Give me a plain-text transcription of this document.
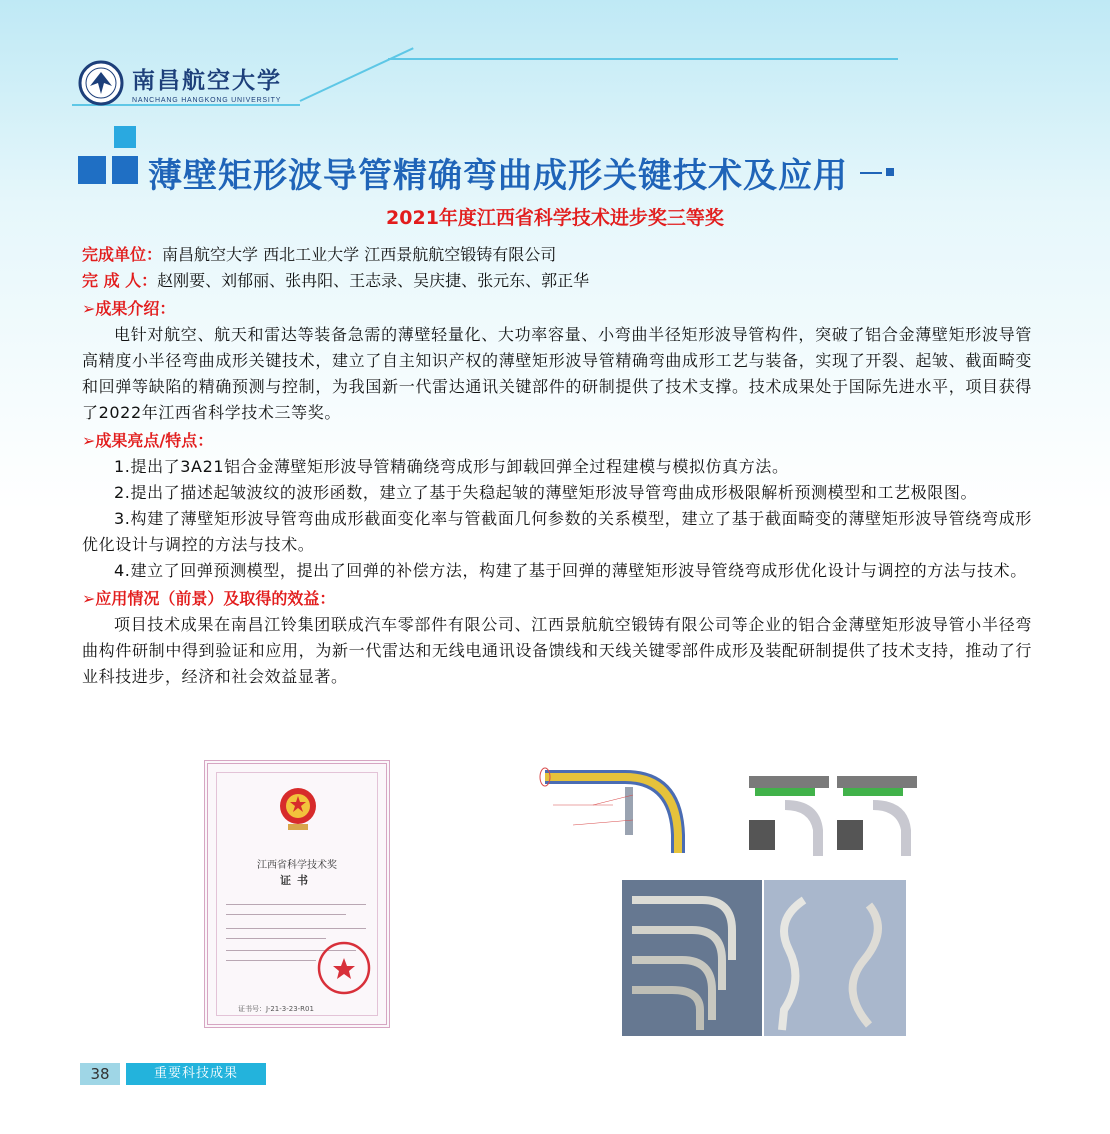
南昌航空大学
NANCHANG HANGKONG UNIVERSITY
薄壁矩形波导管精确弯曲成形关键技术及应用
2021年度江西省科学技术进步奖三等奖
完成单位：南昌航空大学 西北工业大学 江西景航航空锻铸有限公司
完 成 人：赵刚要、刘郁丽、张冉阳、王志录、吴庆捷、张元东、郭正华
➢成果介绍：
电针对航空、航天和雷达等装备急需的薄壁轻量化、大功率容量、小弯曲半径矩形波导管构件，突破了铝合金薄壁矩形波导管高精度小半径弯曲成形关键技术，建立了自主知识产权的薄壁矩形波导管精确弯曲成形工艺与装备，实现了开裂、起皱、截面畸变和回弹等缺陷的精确预测与控制，为我国新一代雷达通讯关键部件的研制提供了技术支撑。技术成果处于国际先进水平，项目获得了2022年江西省科学技术三等奖。
➢成果亮点/特点：
1.提出了3A21铝合金薄壁矩形波导管精确绕弯成形与卸载回弹全过程建模与模拟仿真方法。
2.提出了描述起皱波纹的波形函数，建立了基于失稳起皱的薄壁矩形波导管弯曲成形极限解析预测模型和工艺极限图。
3.构建了薄壁矩形波导管弯曲成形截面变化率与管截面几何参数的关系模型，建立了基于截面畸变的薄壁矩形波导管绕弯成形优化设计与调控的方法与技术。
4.建立了回弹预测模型，提出了回弹的补偿方法，构建了基于回弹的薄壁矩形波导管绕弯成形优化设计与调控的方法与技术。
➢应用情况（前景）及取得的效益：
项目技术成果在南昌江铃集团联成汽车零部件有限公司、江西景航航空锻铸有限公司等企业的铝合金薄壁矩形波导管小半径弯曲构件研制中得到验证和应用，为新一代雷达和无线电通讯设备馈线和天线关键零部件成形及装配研制提供了技术支持，推动了行业科技进步，经济和社会效益显著。
江西省科学技术奖
证书
证书号：J-21-3-23-R01
38	重要科技成果
